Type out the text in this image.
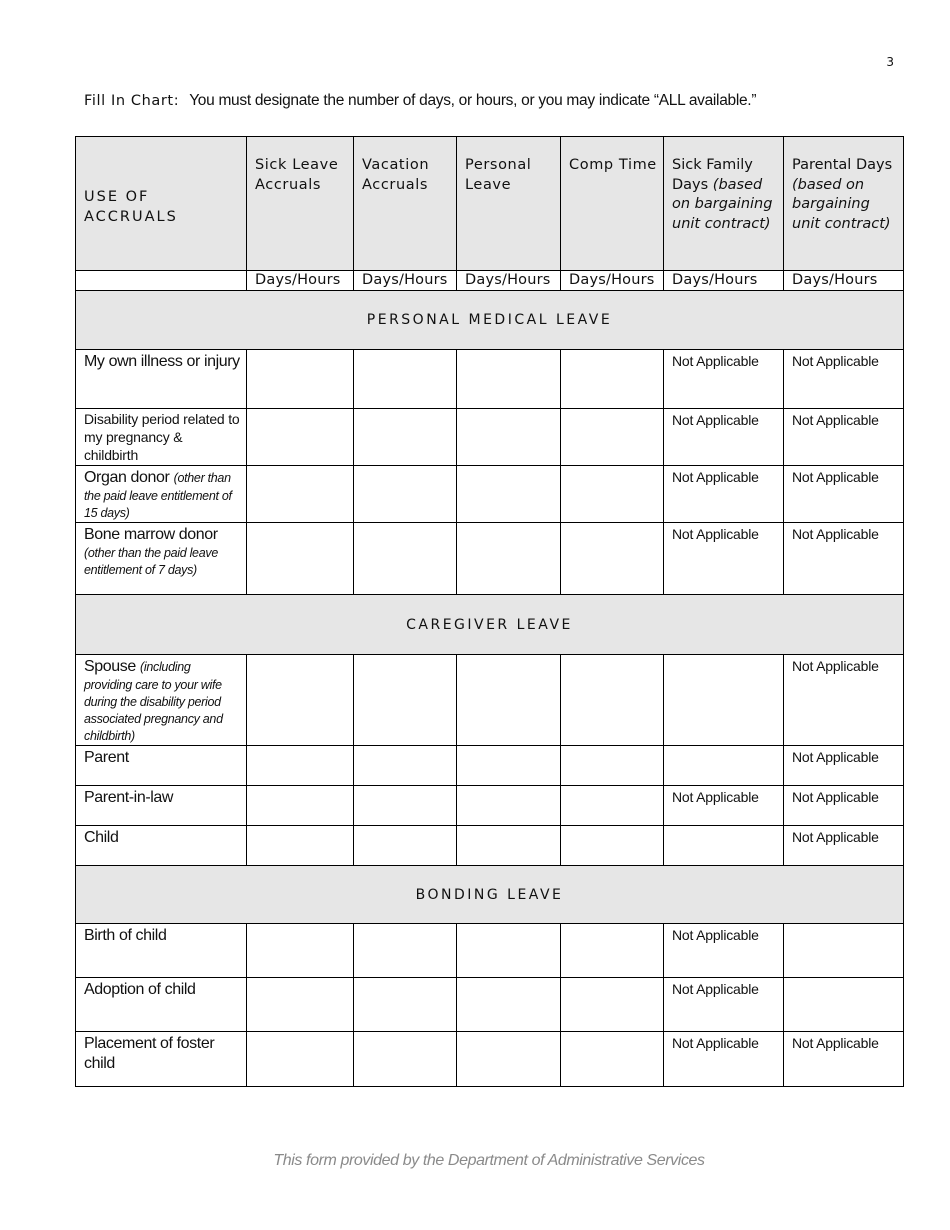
3
Fill In Chart: You must designate the number of days, or hours, or you may indicate “ALL available.”
USE OF ACCRUALS	Sick Leave Accruals	Vacation Accruals	Personal Leave	Comp Time	Sick Family Days (based on bargaining unit contract)	Parental Days (based on bargaining unit contract)
	Days/Hours	Days/Hours	Days/Hours	Days/Hours	Days/Hours	Days/Hours
PERSONAL MEDICAL LEAVE						
My own illness or injury					Not Applicable	Not Applicable
Disability period related to my pregnancy & childbirth					Not Applicable	Not Applicable
Organ donor (other than the paid leave entitlement of 15 days)					Not Applicable	Not Applicable
Bone marrow donor (other than the paid leave entitlement of 7 days)					Not Applicable	Not Applicable
CAREGIVER LEAVE						
Spouse (including providing care to your wife during the disability period associated pregnancy and childbirth)						Not Applicable
Parent						Not Applicable
Parent-in-law					Not Applicable	Not Applicable
Child						Not Applicable
BONDING LEAVE						
Birth of child					Not Applicable	
Adoption of child					Not Applicable	
Placement of foster child					Not Applicable	Not Applicable
This form provided by the Department of Administrative Services
